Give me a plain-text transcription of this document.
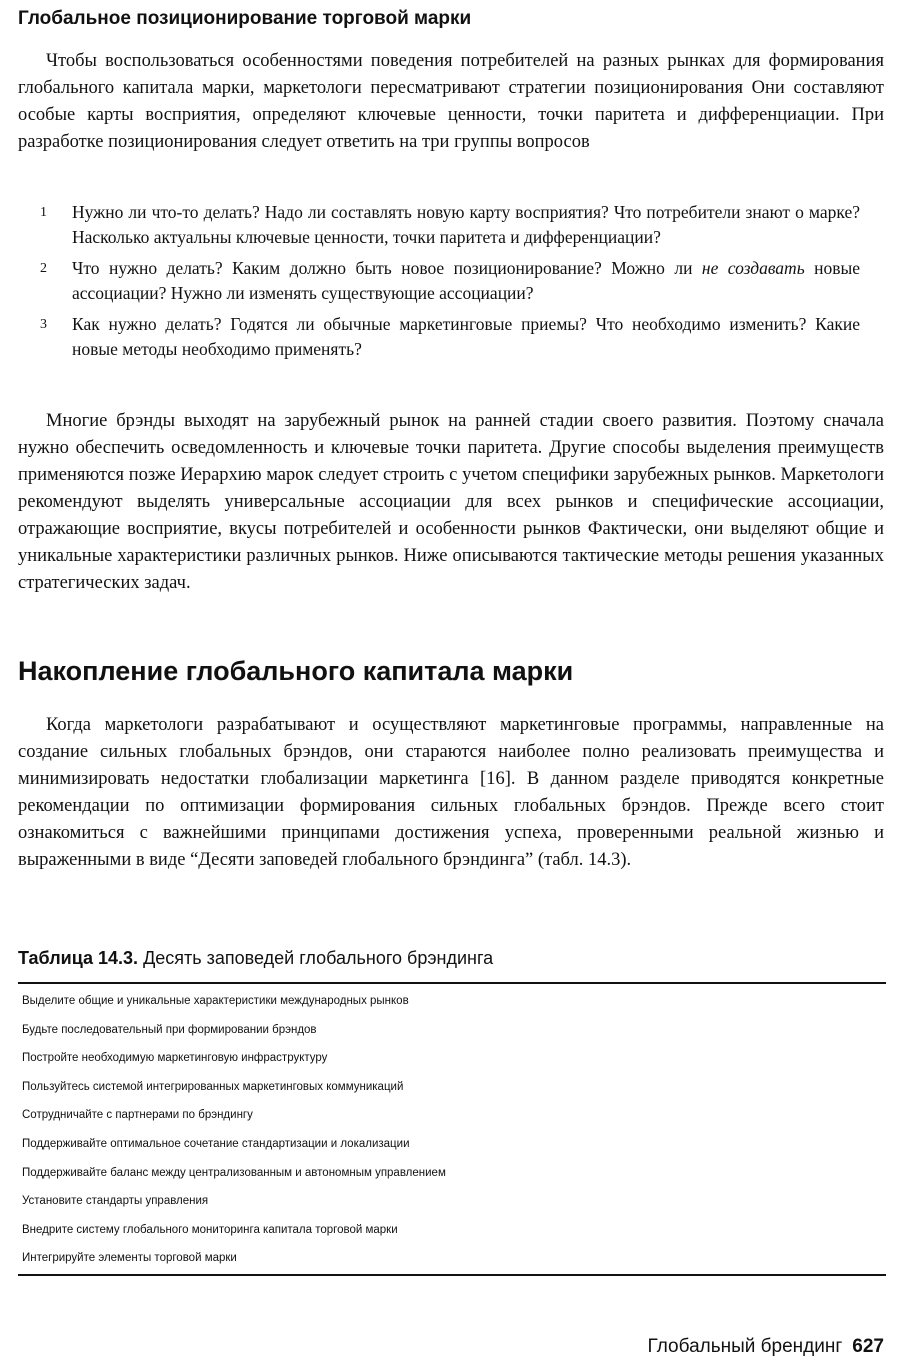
Глобальное позиционирование торговой марки

Чтобы воспользоваться особенностями поведения потребителей на разных рынках для формирования глобального капитала марки, маркетологи пересматривают стратегии позиционирования Они составляют особые карты восприятия, определяют ключевые ценности, точки паритета и дифференциации. При разработке позиционирования следует ответить на три группы вопросов

1 Нужно ли что-то делать? Надо ли составлять новую карту восприятия? Что потребители знают о марке? Насколько актуальны ключевые ценности, точки паритета и дифференциации?
2 Что нужно делать? Каким должно быть новое позиционирование? Можно ли не создавать новые ассоциации? Нужно ли изменять существующие ассоциации?
3 Как нужно делать? Годятся ли обычные маркетинговые приемы? Что необходимо изменить? Какие новые методы необходимо применять?

Многие брэнды выходят на зарубежный рынок на ранней стадии своего развития. Поэтому сначала нужно обеспечить осведомленность и ключевые точки паритета. Другие способы выделения преимуществ применяются позже Иерархию марок следует строить с учетом специфики зарубежных рынков. Маркетологи рекомендуют выделять универсальные ассоциации для всех рынков и специфические ассоциации, отражающие восприятие, вкусы потребителей и особенности рынков Фактически, они выделяют общие и уникальные характеристики различных рынков. Ниже описываются тактические методы решения указанных стратегических задач.

Накопление глобального капитала марки

Когда маркетологи разрабатывают и осуществляют маркетинговые программы, направленные на создание сильных глобальных брэндов, они стараются наиболее полно реализовать преимущества и минимизировать недостатки глобализации маркетинга [16]. В данном разделе приводятся конкретные рекомендации по оптимизации формирования сильных глобальных брэндов. Прежде всего стоит ознакомиться с важнейшими принципами достижения успеха, проверенными реальной жизнью и выраженными в виде “Десяти заповедей глобального брэндинга” (табл. 14.3).

Таблица 14.3. Десять заповедей глобального брэндинга
Выделите общие и уникальные характеристики международных рынков
Будьте последовательный при формировании брэндов
Постройте необходимую маркетинговую инфраструктуру
Пользуйтесь системой интегрированных маркетинговых коммуникаций
Сотрудничайте с партнерами по брэндингу
Поддерживайте оптимальное сочетание стандартизации и локализации
Поддерживайте баланс между централизованным и автономным управлением
Установите стандарты управления
Внедрите систему глобального мониторинга капитала торговой марки
Интегрируйте элементы торговой марки
Глобальный брендинг 627
